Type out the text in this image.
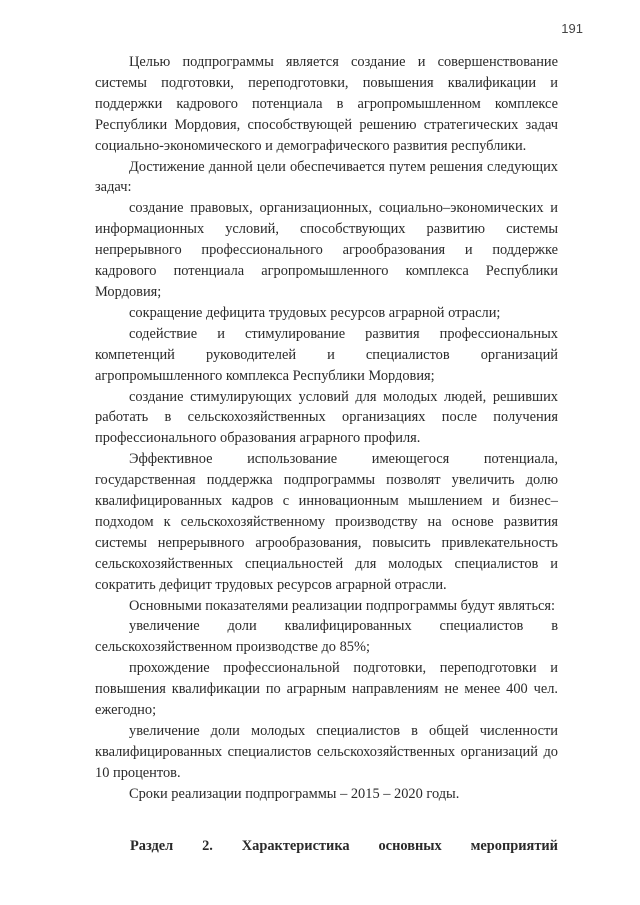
191

Целью подпрограммы является создание и совершенствование системы подготовки, переподготовки, повышения квалификации и поддержки кадрового потенциала в агропромышленном комплексе Республики Мордовия, способствующей решению стратегических задач социально-экономического и демографического развития республики.

Достижение данной цели обеспечивается путем решения следующих задач:

создание правовых, организационных, социально–экономических и информационных условий, способствующих развитию системы непрерывного профессионального агрообразования и поддержке кадрового потенциала агропромышленного комплекса Республики Мордовия;

сокращение дефицита трудовых ресурсов аграрной отрасли;

содействие и стимулирование развития профессиональных компетенций руководителей и специалистов организаций агропромышленного комплекса Республики Мордовия;

создание стимулирующих условий для молодых людей, решивших работать в сельскохозяйственных организациях после получения профессионального образования аграрного профиля.

Эффективное использование имеющегося потенциала, государственная поддержка подпрограммы позволят увеличить долю квалифицированных кадров с инновационным мышлением и бизнес–подходом к сельскохозяйственному производству на основе развития системы непрерывного агрообразования, повысить привлекательность сельскохозяйственных специальностей для молодых специалистов и сократить дефицит трудовых ресурсов аграрной отрасли.

Основными показателями реализации подпрограммы будут являться:

увеличение доли квалифицированных специалистов в сельскохозяйственном производстве до 85%;

прохождение профессиональной подготовки, переподготовки и повышения квалификации по аграрным направлениям не менее 400 чел. ежегодно;

увеличение доли молодых специалистов в общей численности квалифицированных специалистов сельскохозяйственных организаций до 10 процентов.

Сроки реализации подпрограммы – 2015 – 2020 годы.

Раздел 2. Характеристика основных мероприятий
